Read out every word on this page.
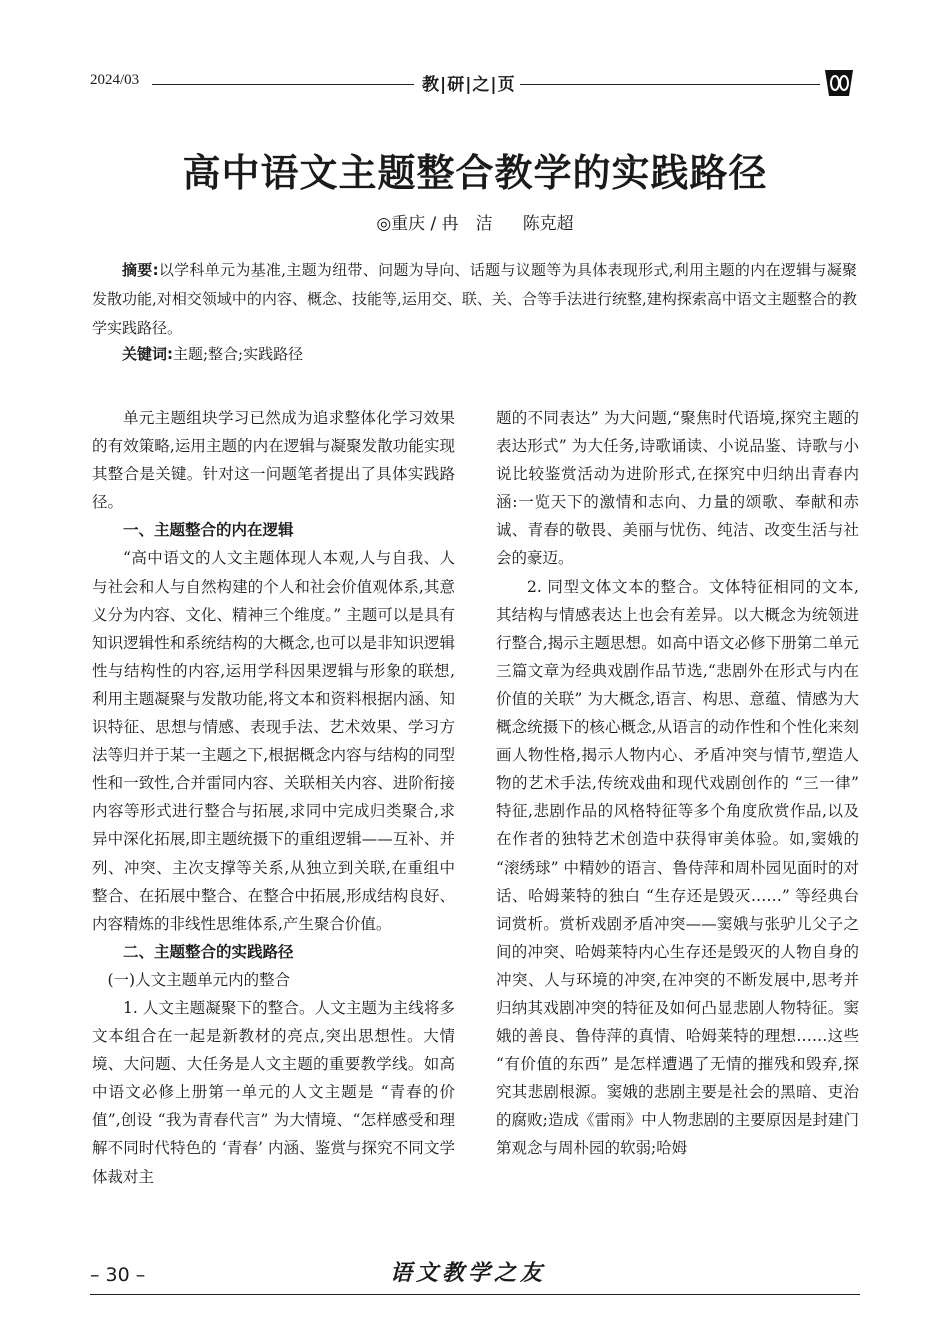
2024/03	教|研|之|页
高中语文主题整合教学的实践路径
◎重庆 / 冉　洁 陈克超

摘要:以学科单元为基准,主题为纽带、问题为导向、话题与议题等为具体表现形式,利用主题的内在逻辑与凝聚发散功能,对相交领域中的内容、概念、技能等,运用交、联、关、合等手法进行统整,建构探索高中语文主题整合的教学实践路径。

关键词:主题;整合;实践路径

单元主题组块学习已然成为追求整体化学习效果的有效策略,运用主题的内在逻辑与凝聚发散功能实现其整合是关键。针对这一问题笔者提出了具体实践路径。

一、主题整合的内在逻辑

“高中语文的人文主题体现人本观,人与自我、人与社会和人与自然构建的个人和社会价值观体系,其意义分为内容、文化、精神三个维度。” 主题可以是具有知识逻辑性和系统结构的大概念,也可以是非知识逻辑性与结构性的内容,运用学科因果逻辑与形象的联想,利用主题凝聚与发散功能,将文本和资料根据内涵、知识特征、思想与情感、表现手法、艺术效果、学习方法等归并于某一主题之下,根据概念内容与结构的同型性和一致性,合并雷同内容、关联相关内容、进阶衔接内容等形式进行整合与拓展,求同中完成归类聚合,求异中深化拓展,即主题统摄下的重组逻辑——互补、并列、冲突、主次支撑等关系,从独立到关联,在重组中整合、在拓展中整合、在整合中拓展,形成结构良好、内容精炼的非线性思维体系,产生聚合价值。

二、主题整合的实践路径

(一)人文主题单元内的整合

1. 人文主题凝聚下的整合。人文主题为主线将多文本组合在一起是新教材的亮点,突出思想性。大情境、大问题、大任务是人文主题的重要教学线。如高中语文必修上册第一单元的人文主题是 “青春的价值”,创设 “我为青春代言” 为大情境、“怎样感受和理解不同时代特色的 ‘青春’ 内涵、鉴赏与探究不同文学体裁对主

题的不同表达” 为大问题,“聚焦时代语境,探究主题的表达形式” 为大任务,诗歌诵读、小说品鉴、诗歌与小说比较鉴赏活动为进阶形式,在探究中归纳出青春内涵:一览天下的激情和志向、力量的颂歌、奉献和赤诚、青春的敬畏、美丽与忧伤、纯洁、改变生活与社会的豪迈。

2. 同型文体文本的整合。文体特征相同的文本,其结构与情感表达上也会有差异。以大概念为统领进行整合,揭示主题思想。如高中语文必修下册第二单元三篇文章为经典戏剧作品节选,“悲剧外在形式与内在价值的关联” 为大概念,语言、构思、意蕴、情感为大概念统摄下的核心概念,从语言的动作性和个性化来刻画人物性格,揭示人物内心、矛盾冲突与情节,塑造人物的艺术手法,传统戏曲和现代戏剧创作的 “三一律” 特征,悲剧作品的风格特征等多个角度欣赏作品,以及在作者的独特艺术创造中获得审美体验。如,窦娥的 “滚绣球” 中精妙的语言、鲁侍萍和周朴园见面时的对话、哈姆莱特的独白 “生存还是毁灭……” 等经典台词赏析。赏析戏剧矛盾冲突——窦娥与张驴儿父子之间的冲突、哈姆莱特内心生存还是毁灭的人物自身的冲突、人与环境的冲突,在冲突的不断发展中,思考并归纳其戏剧冲突的特征及如何凸显悲剧人物特征。窦娥的善良、鲁侍萍的真情、哈姆莱特的理想……这些 “有价值的东西” 是怎样遭遇了无情的摧残和毁弃,探究其悲剧根源。窦娥的悲剧主要是社会的黑暗、吏治的腐败;造成《雷雨》中人物悲剧的主要原因是封建门第观念与周朴园的软弱;哈姆

– 30 –	语文教学之友
